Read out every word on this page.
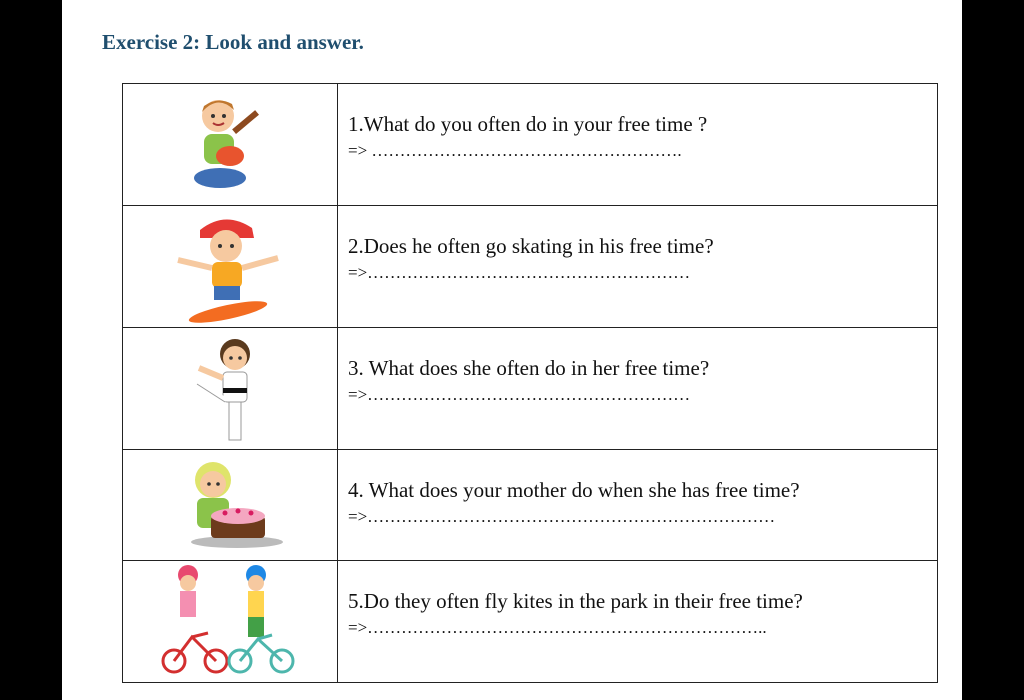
Exercise 2: Look and answer.

1.What do you often do in your free time ?
=> ……………………………………………….

2.Does he often go skating in his free time?
=>…………………………………………………

3. What does she often do in her free time?
=>…………………………………………………

4. What does your mother do when she has free time?
=>………………………………………………………………

5.Do they often fly kites in the park in their free time?
=>……………………………………………………………..
